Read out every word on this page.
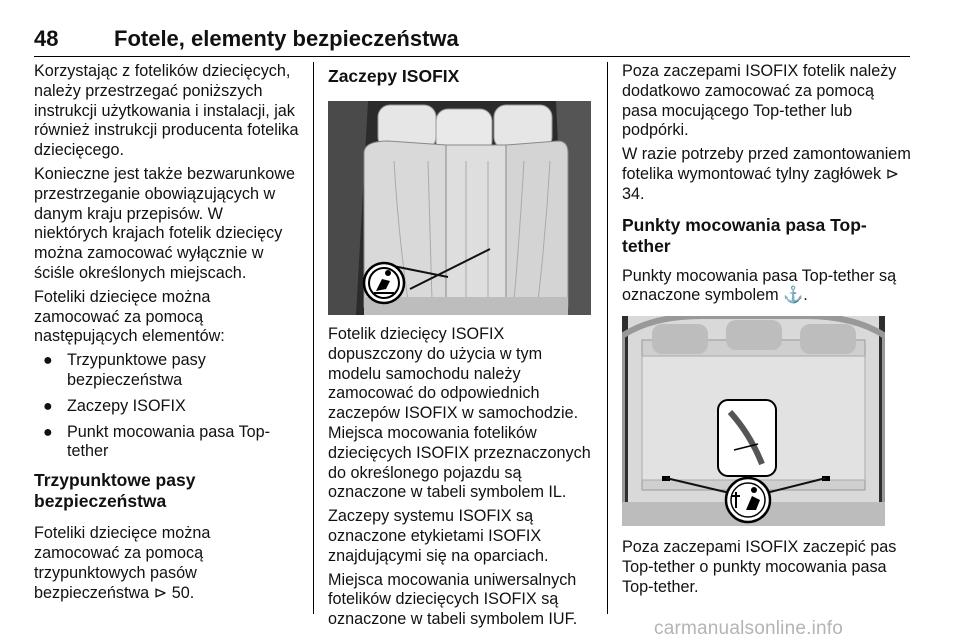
48	Fotele, elementy bezpieczeństwa

Korzystając z fotelików dziecięcych, należy przestrzegać poniższych instrukcji użytkowania i instalacji, jak również instrukcji producenta fotelika dziecięcego.

Konieczne jest także bezwarunkowe przestrzeganie obowiązujących w danym kraju przepisów. W niektórych krajach fotelik dziecięcy można zamocować wyłącznie w ściśle określonych miejscach.

Foteliki dziecięce można zamocować za pomocą następujących elementów:

● Trzypunktowe pasy bezpieczeństwa
● Zaczepy ISOFIX
● Punkt mocowania pasa Top-tether
Trzypunktowe pasy bezpieczeństwa

Foteliki dziecięce można zamocować za pomocą trzypunktowych pasów bezpieczeństwa ⊳ 50.

Zaczepy ISOFIX

Fotelik dziecięcy ISOFIX dopuszczony do użycia w tym modelu samochodu należy zamocować do odpowiednich zaczepów ISOFIX w samochodzie. Miejsca mocowania fotelików dziecięcych ISOFIX przeznaczonych do określonego pojazdu są oznaczone w tabeli symbolem IL.

Zaczepy systemu ISOFIX są oznaczone etykietami ISOFIX znajdującymi się na oparciach.

Miejsca mocowania uniwersalnych fotelików dziecięcych ISOFIX są oznaczone w tabeli symbolem IUF.

Poza zaczepami ISOFIX fotelik należy dodatkowo zamocować za pomocą pasa mocującego Top-tether lub podpórki.

W razie potrzeby przed zamontowaniem fotelika wymontować tylny zagłówek ⊳ 34.

Punkty mocowania pasa Top-tether

Punkty mocowania pasa Top-tether są oznaczone symbolem ⚓.

Poza zaczepami ISOFIX zaczepić pas Top-tether o punkty mocowania pasa Top-tether.

carmanualsonline.info
